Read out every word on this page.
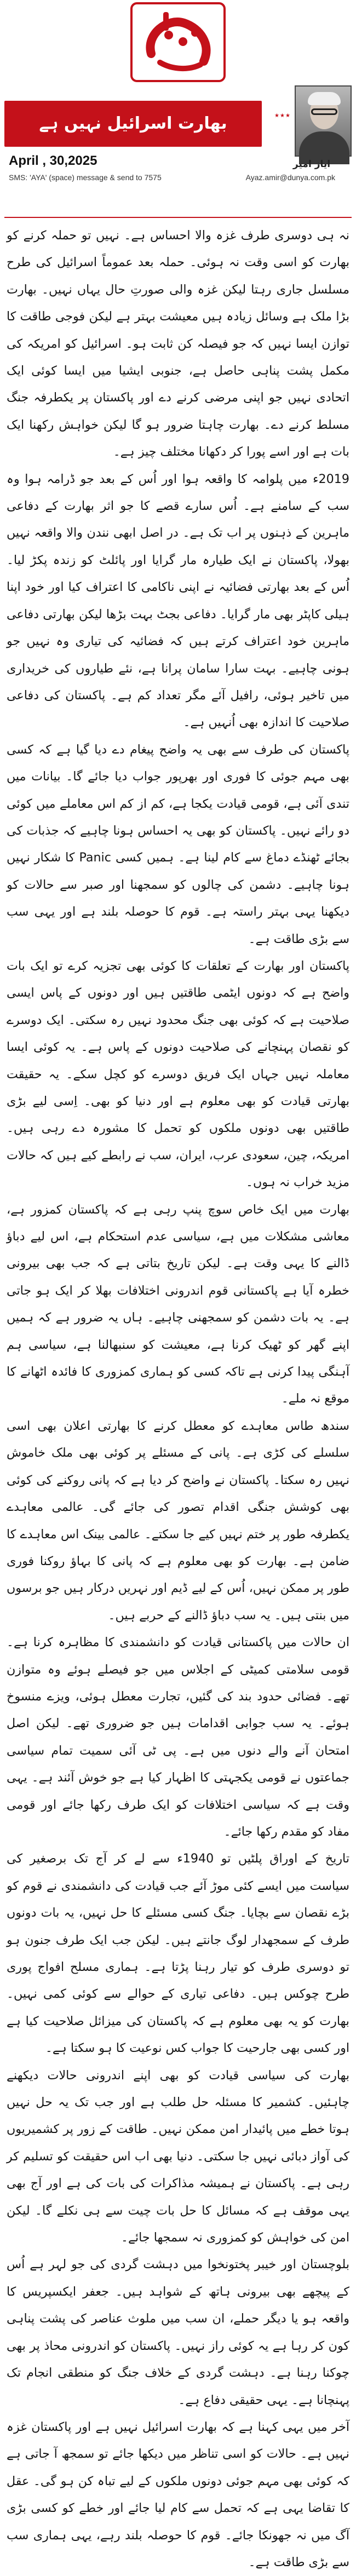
بھارت اسرائیل نہیں ہے
April , 30,2025
SMS: 'AYA' (space) message & send to 7575	Ayaz.amir@dunya.com.pk
★★★
ایاز امیر

نہ ہی دوسری طرف غزہ والا احساس ہے۔ نہیں تو حملہ کرنے کو بھارت کو اسی وقت نہ ہوئی۔ حملہ بعد عموماً اسرائیل کی طرح مسلسل جاری رہتا لیکن غزہ والی صورتِ حال یہاں نہیں۔ بھارت بڑا ملک ہے وسائل زیادہ ہیں معیشت بہتر ہے لیکن فوجی طاقت کا توازن ایسا نہیں کہ جو فیصلہ کن ثابت ہو۔ اسرائیل کو امریکہ کی مکمل پشت پناہی حاصل ہے، جنوبی ایشیا میں ایسا کوئی ایک اتحادی نہیں جو اپنی مرضی کرنے دے اور پاکستان پر یکطرفہ جنگ مسلط کرنے دے۔ بھارت چاہتا ضرور ہو گا لیکن خواہش رکھنا ایک بات ہے اور اسے پورا کر دکھانا مختلف چیز ہے۔

2019ء میں پلوامہ کا واقعہ ہوا اور اُس کے بعد جو ڈرامہ ہوا وہ سب کے سامنے ہے۔ اُس سارے قصے کا جو اثر بھارت کے دفاعی ماہرین کے ذہنوں پر اب تک ہے۔ در اصل ابھی نندن والا واقعہ نہیں بھولا، پاکستان نے ایک طیارہ مار گرایا اور پائلٹ کو زندہ پکڑ لیا۔ اُس کے بعد بھارتی فضائیہ نے اپنی ناکامی کا اعتراف کیا اور خود اپنا ہیلی کاپٹر بھی مار گرایا۔ دفاعی بجٹ بہت بڑھا لیکن بھارتی دفاعی ماہرین خود اعتراف کرتے ہیں کہ فضائیہ کی تیاری وہ نہیں جو ہونی چاہیے۔ بہت سارا سامان پرانا ہے، نئے طیاروں کی خریداری میں تاخیر ہوئی، رافیل آئے مگر تعداد کم ہے۔ پاکستان کی دفاعی صلاحیت کا اندازہ بھی اُنہیں ہے۔

پاکستان کی طرف سے بھی یہ واضح پیغام دے دیا گیا ہے کہ کسی بھی مہم جوئی کا فوری اور بھرپور جواب دیا جائے گا۔ بیانات میں تندی آئی ہے، قومی قیادت یکجا ہے، کم از کم اس معاملے میں کوئی دو رائے نہیں۔ پاکستان کو بھی یہ احساس ہونا چاہیے کہ جذبات کی بجائے ٹھنڈے دماغ سے کام لینا ہے۔ ہمیں کسی Panic کا شکار نہیں ہونا چاہیے۔ دشمن کی چالوں کو سمجھنا اور صبر سے حالات کو دیکھنا یہی بہتر راستہ ہے۔ قوم کا حوصلہ بلند ہے اور یہی سب سے بڑی طاقت ہے۔

پاکستان اور بھارت کے تعلقات کا کوئی بھی تجزیہ کرے تو ایک بات واضح ہے کہ دونوں ایٹمی طاقتیں ہیں اور دونوں کے پاس ایسی صلاحیت ہے کہ کوئی بھی جنگ محدود نہیں رہ سکتی۔ ایک دوسرے کو نقصان پہنچانے کی صلاحیت دونوں کے پاس ہے۔ یہ کوئی ایسا معاملہ نہیں جہاں ایک فریق دوسرے کو کچل سکے۔ یہ حقیقت بھارتی قیادت کو بھی معلوم ہے اور دنیا کو بھی۔ اِسی لیے بڑی طاقتیں بھی دونوں ملکوں کو تحمل کا مشورہ دے رہی ہیں۔ امریکہ، چین، سعودی عرب، ایران، سب نے رابطے کیے ہیں کہ حالات مزید خراب نہ ہوں۔

بھارت میں ایک خاص سوچ پنپ رہی ہے کہ پاکستان کمزور ہے، معاشی مشکلات میں ہے، سیاسی عدم استحکام ہے، اس لیے دباؤ ڈالنے کا یہی وقت ہے۔ لیکن تاریخ بتاتی ہے کہ جب بھی بیرونی خطرہ آیا ہے پاکستانی قوم اندرونی اختلافات بھلا کر ایک ہو جاتی ہے۔ یہ بات دشمن کو سمجھنی چاہیے۔ ہاں یہ ضرور ہے کہ ہمیں اپنے گھر کو ٹھیک کرنا ہے، معیشت کو سنبھالنا ہے، سیاسی ہم آہنگی پیدا کرنی ہے تاکہ کسی کو ہماری کمزوری کا فائدہ اٹھانے کا موقع نہ ملے۔

سندھ طاس معاہدے کو معطل کرنے کا بھارتی اعلان بھی اسی سلسلے کی کڑی ہے۔ پانی کے مسئلے پر کوئی بھی ملک خاموش نہیں رہ سکتا۔ پاکستان نے واضح کر دیا ہے کہ پانی روکنے کی کوئی بھی کوشش جنگی اقدام تصور کی جائے گی۔ عالمی معاہدے یکطرفہ طور پر ختم نہیں کیے جا سکتے۔ عالمی بینک اس معاہدے کا ضامن ہے۔ بھارت کو بھی معلوم ہے کہ پانی کا بہاؤ روکنا فوری طور پر ممکن نہیں، اُس کے لیے ڈیم اور نہریں درکار ہیں جو برسوں میں بنتی ہیں۔ یہ سب دباؤ ڈالنے کے حربے ہیں۔

ان حالات میں پاکستانی قیادت کو دانشمندی کا مظاہرہ کرنا ہے۔ قومی سلامتی کمیٹی کے اجلاس میں جو فیصلے ہوئے وہ متوازن تھے۔ فضائی حدود بند کی گئیں، تجارت معطل ہوئی، ویزے منسوخ ہوئے۔ یہ سب جوابی اقدامات ہیں جو ضروری تھے۔ لیکن اصل امتحان آنے والے دنوں میں ہے۔ پی ٹی آئی سمیت تمام سیاسی جماعتوں نے قومی یکجہتی کا اظہار کیا ہے جو خوش آئند ہے۔ یہی وقت ہے کہ سیاسی اختلافات کو ایک طرف رکھا جائے اور قومی مفاد کو مقدم رکھا جائے۔

تاریخ کے اوراق پلٹیں تو 1940ء سے لے کر آج تک برصغیر کی سیاست میں ایسے کئی موڑ آئے جب قیادت کی دانشمندی نے قوم کو بڑے نقصان سے بچایا۔ جنگ کسی مسئلے کا حل نہیں، یہ بات دونوں طرف کے سمجھدار لوگ جانتے ہیں۔ لیکن جب ایک طرف جنون ہو تو دوسری طرف کو تیار رہنا پڑتا ہے۔ ہماری مسلح افواج پوری طرح چوکس ہیں۔ دفاعی تیاری کے حوالے سے کوئی کمی نہیں۔ بھارت کو یہ بھی معلوم ہے کہ پاکستان کی میزائل صلاحیت کیا ہے اور کسی بھی جارحیت کا جواب کس نوعیت کا ہو سکتا ہے۔

بھارت کی سیاسی قیادت کو بھی اپنے اندرونی حالات دیکھنے چاہئیں۔ کشمیر کا مسئلہ حل طلب ہے اور جب تک یہ حل نہیں ہوتا خطے میں پائیدار امن ممکن نہیں۔ طاقت کے زور پر کشمیریوں کی آواز دبائی نہیں جا سکتی۔ دنیا بھی اب اس حقیقت کو تسلیم کر رہی ہے۔ پاکستان نے ہمیشہ مذاکرات کی بات کی ہے اور آج بھی یہی موقف ہے کہ مسائل کا حل بات چیت سے ہی نکلے گا۔ لیکن امن کی خواہش کو کمزوری نہ سمجھا جائے۔

بلوچستان اور خیبر پختونخوا میں دہشت گردی کی جو لہر ہے اُس کے پیچھے بھی بیرونی ہاتھ کے شواہد ہیں۔ جعفر ایکسپریس کا واقعہ ہو یا دیگر حملے، ان سب میں ملوث عناصر کی پشت پناہی کون کر رہا ہے یہ کوئی راز نہیں۔ پاکستان کو اندرونی محاذ پر بھی چوکنا رہنا ہے۔ دہشت گردی کے خلاف جنگ کو منطقی انجام تک پہنچانا ہے۔ یہی حقیقی دفاع ہے۔

آخر میں یہی کہنا ہے کہ بھارت اسرائیل نہیں ہے اور پاکستان غزہ نہیں ہے۔ حالات کو اسی تناظر میں دیکھا جائے تو سمجھ آ جاتی ہے کہ کوئی بھی مہم جوئی دونوں ملکوں کے لیے تباہ کن ہو گی۔ عقل کا تقاضا یہی ہے کہ تحمل سے کام لیا جائے اور خطے کو کسی بڑی آگ میں نہ جھونکا جائے۔ قوم کا حوصلہ بلند رہے، یہی ہماری سب سے بڑی طاقت ہے۔
